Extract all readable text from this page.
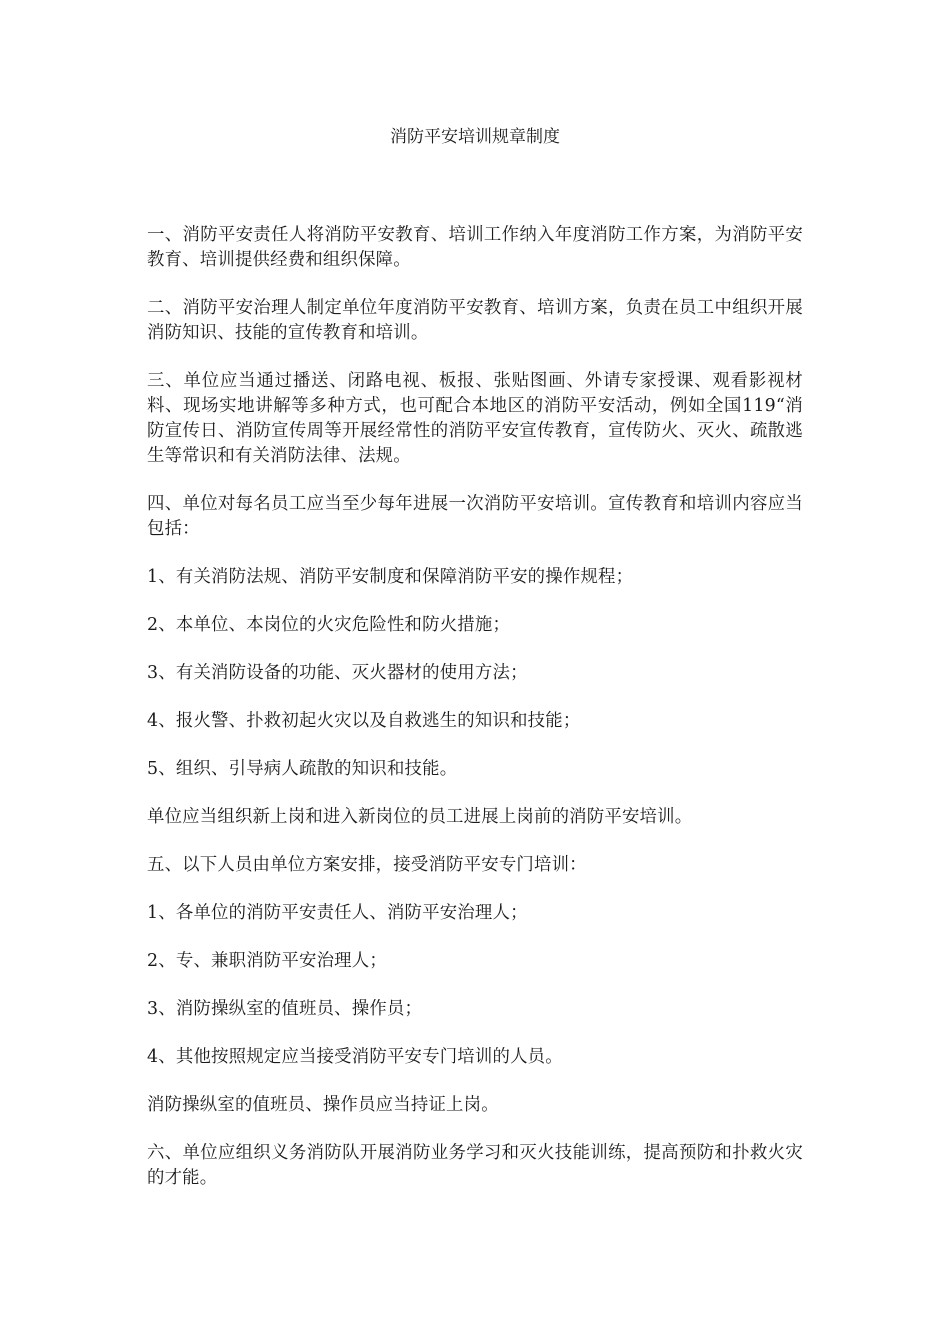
消防平安培训规章制度

一、消防平安责任人将消防平安教育、培训工作纳入年度消防工作方案，为消防平安教育、培训提供经费和组织保障。

二、消防平安治理人制定单位年度消防平安教育、培训方案，负责在员工中组织开展消防知识、技能的宣传教育和培训。

三、单位应当通过播送、闭路电视、板报、张贴图画、外请专家授课、观看影视材料、现场实地讲解等多种方式，也可配合本地区的消防平安活动，例如全国119“消防宣传日、消防宣传周等开展经常性的消防平安宣传教育，宣传防火、灭火、疏散逃生等常识和有关消防法律、法规。

四、单位对每名员工应当至少每年进展一次消防平安培训。宣传教育和培训内容应当包括：

1、有关消防法规、消防平安制度和保障消防平安的操作规程；

2、本单位、本岗位的火灾危险性和防火措施；

3、有关消防设备的功能、灭火器材的使用方法；

4、报火警、扑救初起火灾以及自救逃生的知识和技能；

5、组织、引导病人疏散的知识和技能。

单位应当组织新上岗和进入新岗位的员工进展上岗前的消防平安培训。

五、以下人员由单位方案安排，接受消防平安专门培训：

1、各单位的消防平安责任人、消防平安治理人；

2、专、兼职消防平安治理人；

3、消防操纵室的值班员、操作员；

4、其他按照规定应当接受消防平安专门培训的人员。

消防操纵室的值班员、操作员应当持证上岗。

六、单位应组织义务消防队开展消防业务学习和灭火技能训练，提高预防和扑救火灾的才能。
